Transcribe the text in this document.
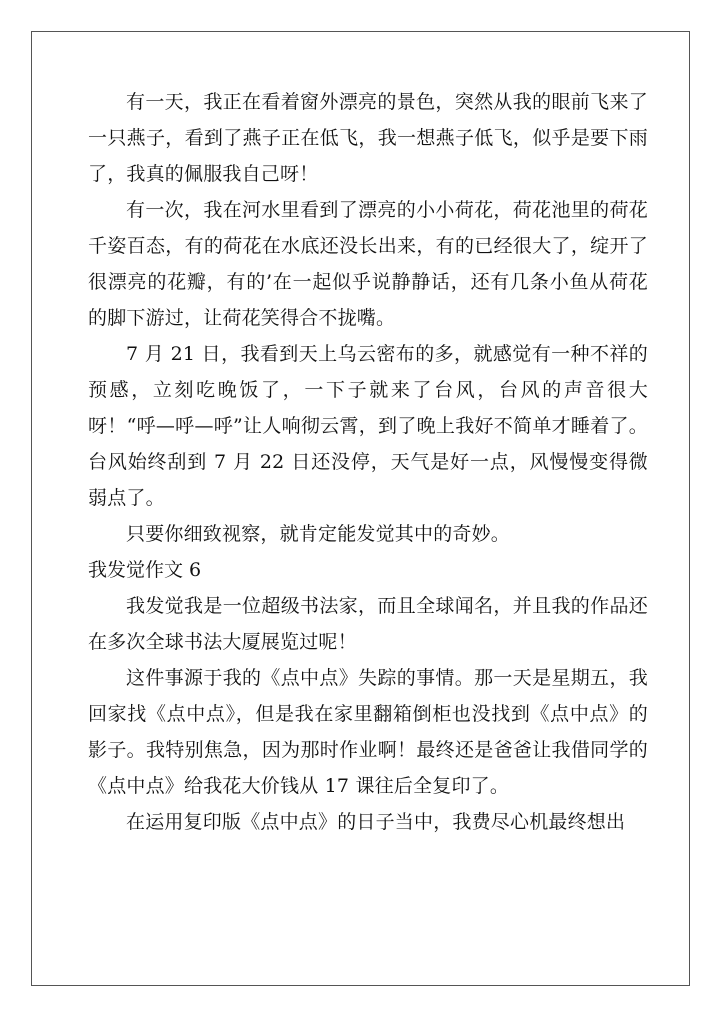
有一天，我正在看着窗外漂亮的景色，突然从我的眼前飞来了一只燕子，看到了燕子正在低飞，我一想燕子低飞，似乎是要下雨了，我真的佩服我自己呀！

有一次，我在河水里看到了漂亮的小小荷花，荷花池里的荷花千姿百态，有的荷花在水底还没长出来，有的已经很大了，绽开了很漂亮的花瓣，有的’在一起似乎说静静话，还有几条小鱼从荷花的脚下游过，让荷花笑得合不拢嘴。

7 月 21 日，我看到天上乌云密布的多，就感觉有一种不祥的预感，立刻吃晚饭了，一下子就来了台风，台风的声音很大呀！“呼—呼—呼”让人响彻云霄，到了晚上我好不简单才睡着了。台风始终刮到 7 月 22 日还没停，天气是好一点，风慢慢变得微弱点了。

只要你细致视察，就肯定能发觉其中的奇妙。

我发觉作文 6

我发觉我是一位超级书法家，而且全球闻名，并且我的作品还在多次全球书法大厦展览过呢！

这件事源于我的《点中点》失踪的事情。那一天是星期五，我回家找《点中点》，但是我在家里翻箱倒柜也没找到《点中点》的影子。我特别焦急，因为那时作业啊！最终还是爸爸让我借同学的《点中点》给我花大价钱从 17 课往后全复印了。

在运用复印版《点中点》的日子当中，我费尽心机最终想出
